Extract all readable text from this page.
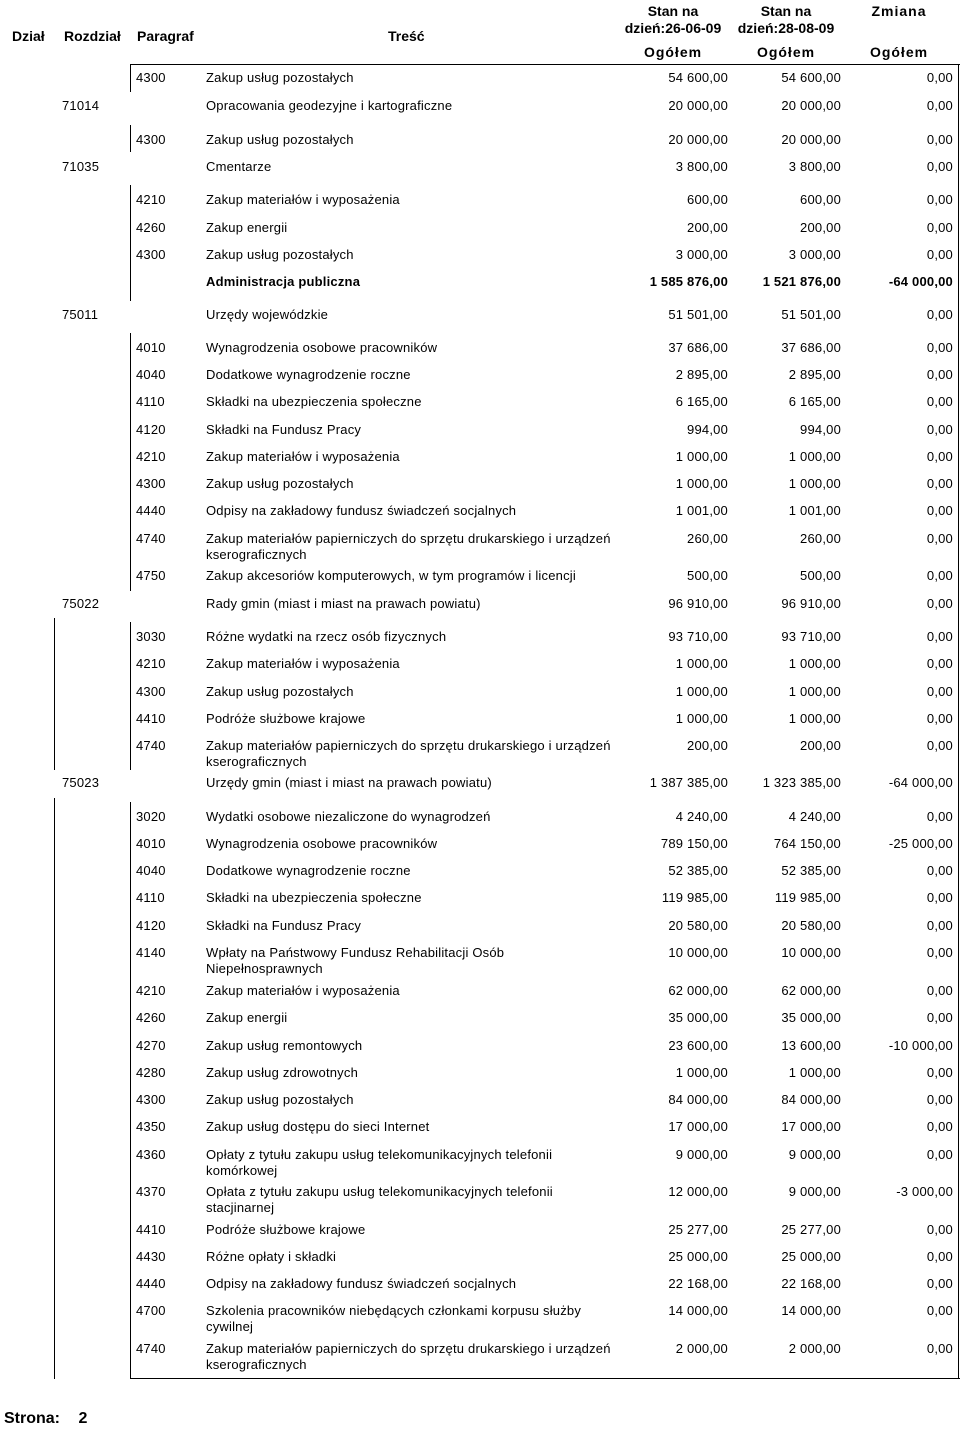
Dział Rozdział Paragraf	Treść
Stan na
dzień:26-06-09
Stan na
dzień:28-08-09
Zmiana
Ogółem	Ogółem	Ogółem
4300	Zakup usług pozostałych	54 600,00	54 600,00	0,00
71014	Opracowania geodezyjne i kartograficzne	20 000,00	20 000,00	0,00
4300	Zakup usług pozostałych	20 000,00	20 000,00	0,00
71035	Cmentarze	3 800,00	3 800,00	0,00
4210	Zakup materiałów i wyposażenia	600,00	600,00	0,00
4260	Zakup energii	200,00	200,00	0,00
4300	Zakup usług pozostałych	3 000,00	3 000,00	0,00
Administracja publiczna	1 585 876,00	1 521 876,00	-64 000,00
75011	Urzędy wojewódzkie	51 501,00	51 501,00	0,00
4010	Wynagrodzenia osobowe pracowników	37 686,00	37 686,00	0,00
4040	Dodatkowe wynagrodzenie roczne	2 895,00	2 895,00	0,00
4110	Składki na ubezpieczenia społeczne	6 165,00	6 165,00	0,00
4120	Składki na Fundusz Pracy	994,00	994,00	0,00
4210	Zakup materiałów i wyposażenia	1 000,00	1 000,00	0,00
4300	Zakup usług pozostałych	1 000,00	1 000,00	0,00
4440	Odpisy na zakładowy fundusz świadczeń socjalnych	1 001,00	1 001,00	0,00
4740	Zakup materiałów papierniczych do sprzętu drukarskiego i urządzeń kserograficznych
260,00	260,00	0,00
4750	Zakup akcesoriów komputerowych, w tym programów i licencji	500,00	500,00	0,00
75022	Rady gmin (miast i miast na prawach powiatu)	96 910,00	96 910,00	0,00
3030	Różne wydatki na rzecz osób fizycznych	93 710,00	93 710,00	0,00
4210	Zakup materiałów i wyposażenia	1 000,00	1 000,00	0,00
4300	Zakup usług pozostałych	1 000,00	1 000,00	0,00
4410	Podróże służbowe krajowe	1 000,00	1 000,00	0,00
4740	Zakup materiałów papierniczych do sprzętu drukarskiego i urządzeń kserograficznych
200,00	200,00	0,00
75023	Urzędy gmin (miast i miast na prawach powiatu)	1 387 385,00	1 323 385,00	-64 000,00
3020	Wydatki osobowe niezaliczone do wynagrodzeń	4 240,00	4 240,00	0,00
4010	Wynagrodzenia osobowe pracowników	789 150,00	764 150,00	-25 000,00
4040	Dodatkowe wynagrodzenie roczne	52 385,00	52 385,00	0,00
4110	Składki na ubezpieczenia społeczne	119 985,00	119 985,00	0,00
4120	Składki na Fundusz Pracy	20 580,00	20 580,00	0,00
4140	Wpłaty na Państwowy Fundusz Rehabilitacji Osób Niepełnosprawnych
10 000,00	10 000,00	0,00
4210	Zakup materiałów i wyposażenia	62 000,00	62 000,00	0,00
4260	Zakup energii	35 000,00	35 000,00	0,00
4270	Zakup usług remontowych	23 600,00	13 600,00	-10 000,00
4280	Zakup usług zdrowotnych	1 000,00	1 000,00	0,00
4300	Zakup usług pozostałych	84 000,00	84 000,00	0,00
4350	Zakup usług dostępu do sieci Internet	17 000,00	17 000,00	0,00
4360	Opłaty z tytułu zakupu usług telekomunikacyjnych telefonii komórkowej
9 000,00	9 000,00	0,00
4370	Opłata z tytułu zakupu usług telekomunikacyjnych telefonii stacjinarnej
12 000,00	9 000,00	-3 000,00
4410	Podróże służbowe krajowe	25 277,00	25 277,00	0,00
4430	Różne opłaty i składki	25 000,00	25 000,00	0,00
4440	Odpisy na zakładowy fundusz świadczeń socjalnych	22 168,00	22 168,00	0,00
4700	Szkolenia pracowników niebędących członkami korpusu służby cywilnej
14 000,00	14 000,00	0,00
4740	Zakup materiałów papierniczych do sprzętu drukarskiego i urządzeń kserograficznych
2 000,00	2 000,00	0,00
Strona: 2
